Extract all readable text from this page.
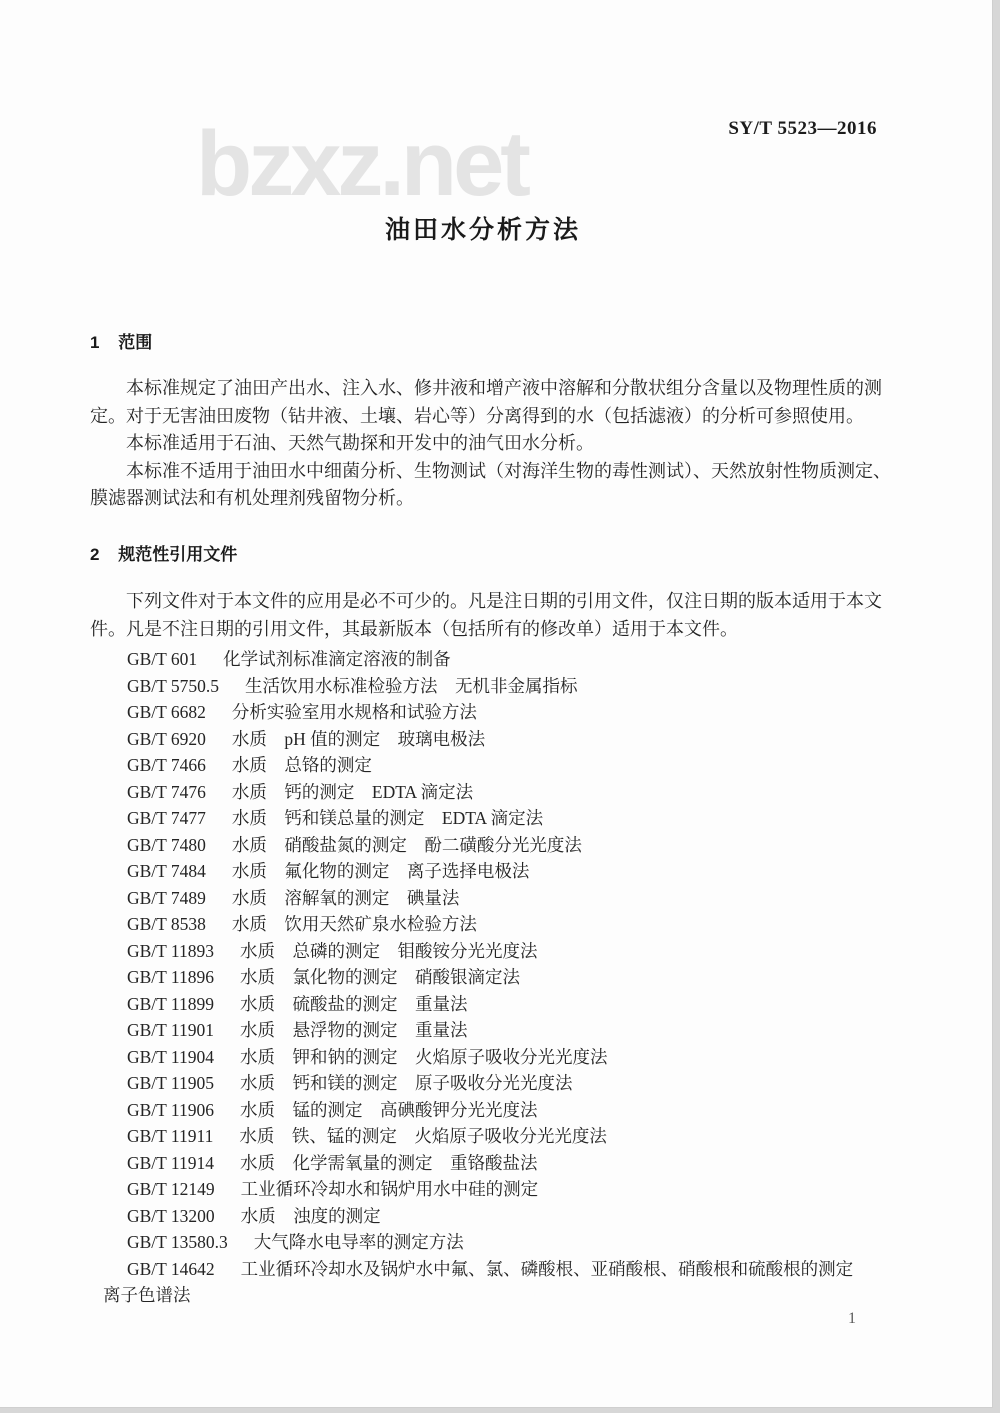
bzxz.net	SY/T 5523—2016
油田水分析方法
1 范围
本标准规定了油田产出水、注入水、修井液和增产液中溶解和分散状组分含量以及物理性质的测
定。对于无害油田废物（钻井液、土壤、岩心等）分离得到的水（包括滤液）的分析可参照使用。
本标准适用于石油、天然气勘探和开发中的油气田水分析。
本标准不适用于油田水中细菌分析、生物测试（对海洋生物的毒性测试）、天然放射性物质测定、
膜滤器测试法和有机处理剂残留物分析。
2 规范性引用文件
下列文件对于本文件的应用是必不可少的。凡是注日期的引用文件，仅注日期的版本适用于本文
件。凡是不注日期的引用文件，其最新版本（包括所有的修改单）适用于本文件。
GB/T 601 化学试剂标准滴定溶液的制备
GB/T 5750.5 生活饮用水标准检验方法　无机非金属指标
GB/T 6682 分析实验室用水规格和试验方法
GB/T 6920 水质　pH 值的测定　玻璃电极法
GB/T 7466 水质　总铬的测定
GB/T 7476 水质　钙的测定　EDTA 滴定法
GB/T 7477 水质　钙和镁总量的测定　EDTA 滴定法
GB/T 7480 水质　硝酸盐氮的测定　酚二磺酸分光光度法
GB/T 7484 水质　氟化物的测定　离子选择电极法
GB/T 7489 水质　溶解氧的测定　碘量法
GB/T 8538 水质　饮用天然矿泉水检验方法
GB/T 11893 水质　总磷的测定　钼酸铵分光光度法
GB/T 11896 水质　氯化物的测定　硝酸银滴定法
GB/T 11899 水质　硫酸盐的测定　重量法
GB/T 11901 水质　悬浮物的测定　重量法
GB/T 11904 水质　钾和钠的测定　火焰原子吸收分光光度法
GB/T 11905 水质　钙和镁的测定　原子吸收分光光度法
GB/T 11906 水质　锰的测定　高碘酸钾分光光度法
GB/T 11911 水质　铁、锰的测定　火焰原子吸收分光光度法
GB/T 11914 水质　化学需氧量的测定　重铬酸盐法
GB/T 12149 工业循环冷却水和锅炉用水中硅的测定
GB/T 13200 水质　浊度的测定
GB/T 13580.3 大气降水电导率的测定方法
GB/T 14642 工业循环冷却水及锅炉水中氟、氯、磷酸根、亚硝酸根、硝酸根和硫酸根的测定
离子色谱法
1
